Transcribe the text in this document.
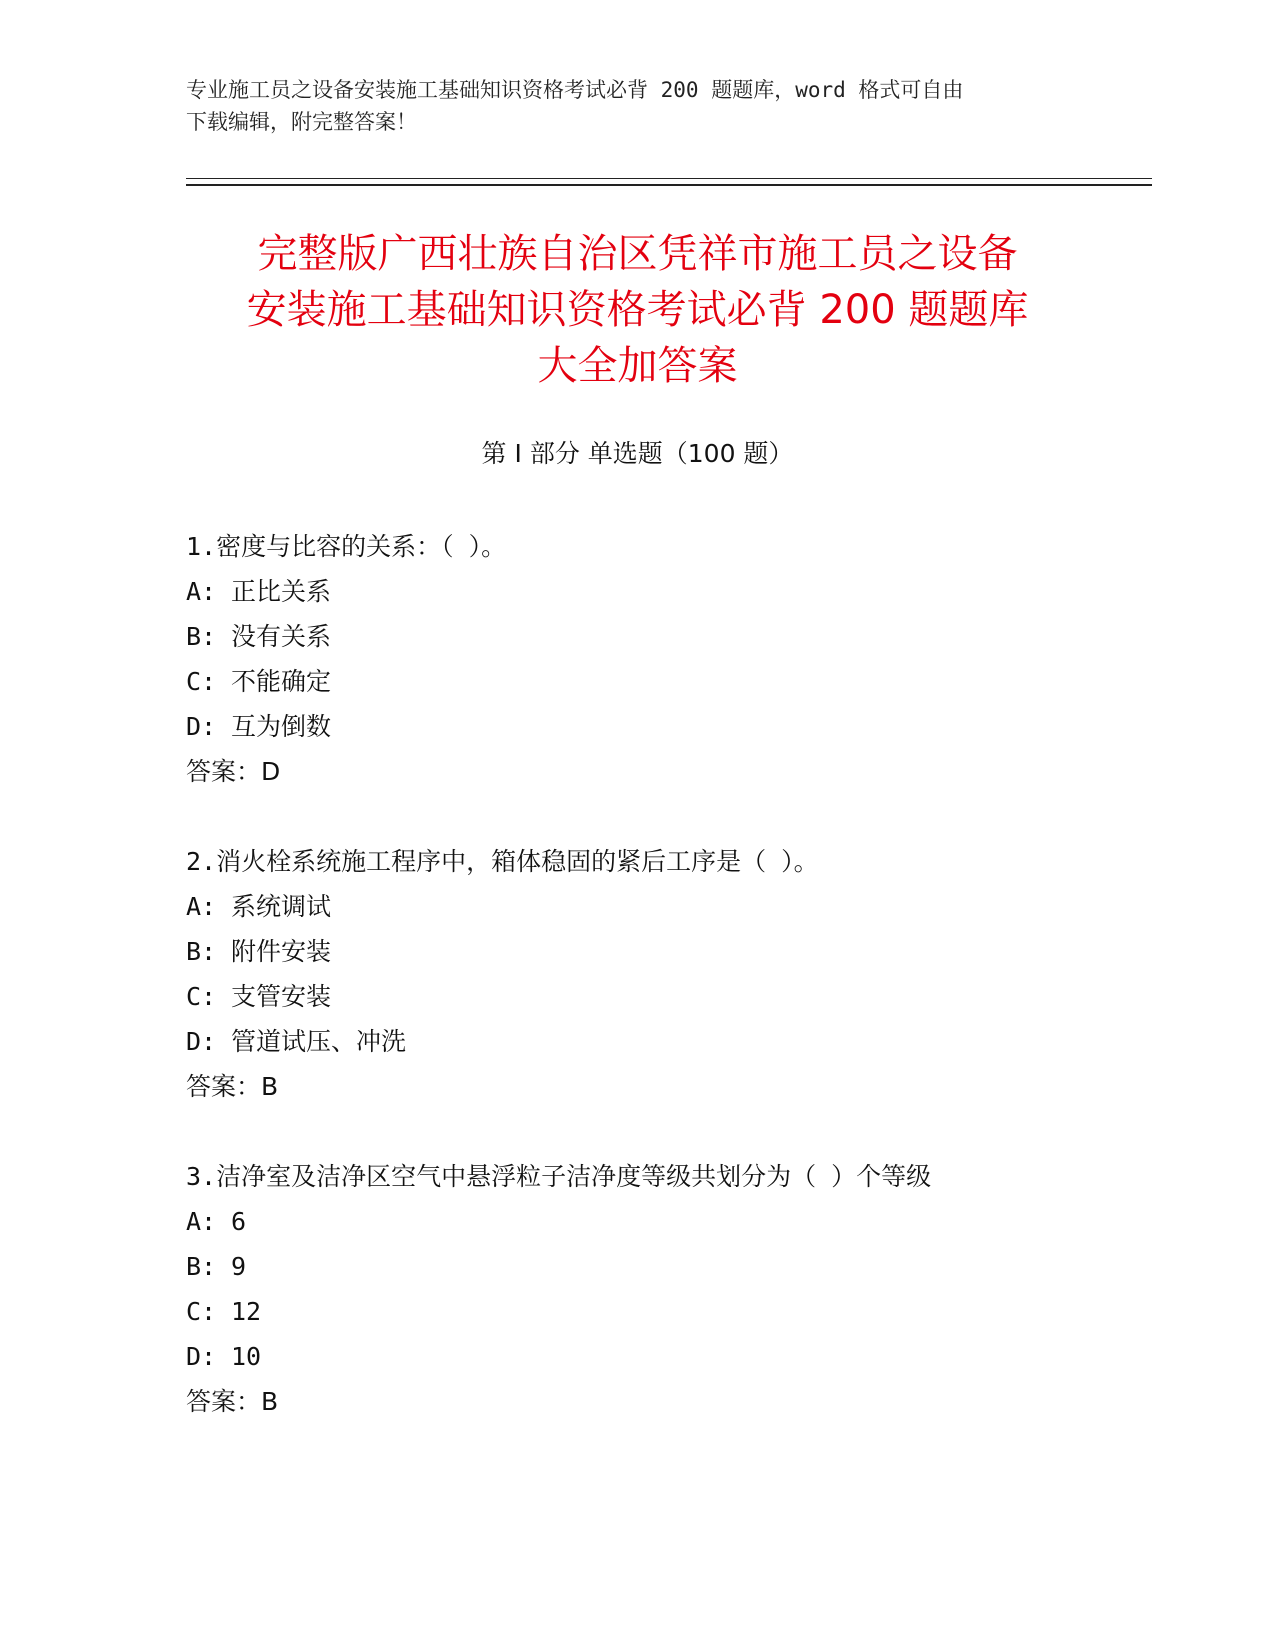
专业施工员之设备安装施工基础知识资格考试必背 200 题题库，word 格式可自由
下载编辑，附完整答案！
完整版广西壮族自治区凭祥市施工员之设备
安装施工基础知识资格考试必背 200 题题库
大全加答案
第 I 部分 单选题（100 题）
1.密度与比容的关系：（ ）。
A: 正比关系
B: 没有关系
C: 不能确定
D: 互为倒数
答案：D
2.消火栓系统施工程序中，箱体稳固的紧后工序是（ ）。
A: 系统调试
B: 附件安装
C: 支管安装
D: 管道试压、冲洗
答案：B
3.洁净室及洁净区空气中悬浮粒子洁净度等级共划分为（ ）个等级
A: 6
B: 9
C: 12
D: 10
答案：B
